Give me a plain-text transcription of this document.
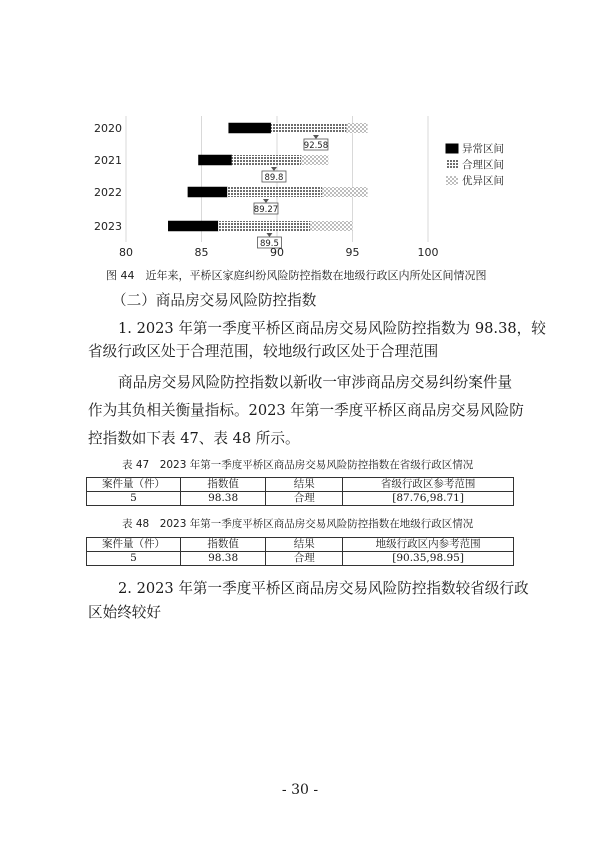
92.58
89.8
89.27
89.5
80	85	90	95	100
2020
2021
2022
2023
异常区间
合理区间
优异区间
图 44　近年来，平桥区家庭纠纷风险防控指数在地级行政区内所处区间情况图
（二）商品房交易风险防控指数
1. 2023 年第一季度平桥区商品房交易风险防控指数为 98.38，较
省级行政区处于合理范围，较地级行政区处于合理范围
商品房交易风险防控指数以新收一审涉商品房交易纠纷案件量
作为其负相关衡量指标。2023 年第一季度平桥区商品房交易风险防
控指数如下表 47、表 48 所示。
表 47　2023 年第一季度平桥区商品房交易风险防控指数在省级行政区情况
案件量（件）	指数值	结果	省级行政区参考范围
5	98.38	合理	[87.76,98.71]
表 48　2023 年第一季度平桥区商品房交易风险防控指数在地级行政区情况
案件量（件）	指数值	结果	地级行政区内参考范围
5	98.38	合理	[90.35,98.95]
2. 2023 年第一季度平桥区商品房交易风险防控指数较省级行政
区始终较好
- 30 -
